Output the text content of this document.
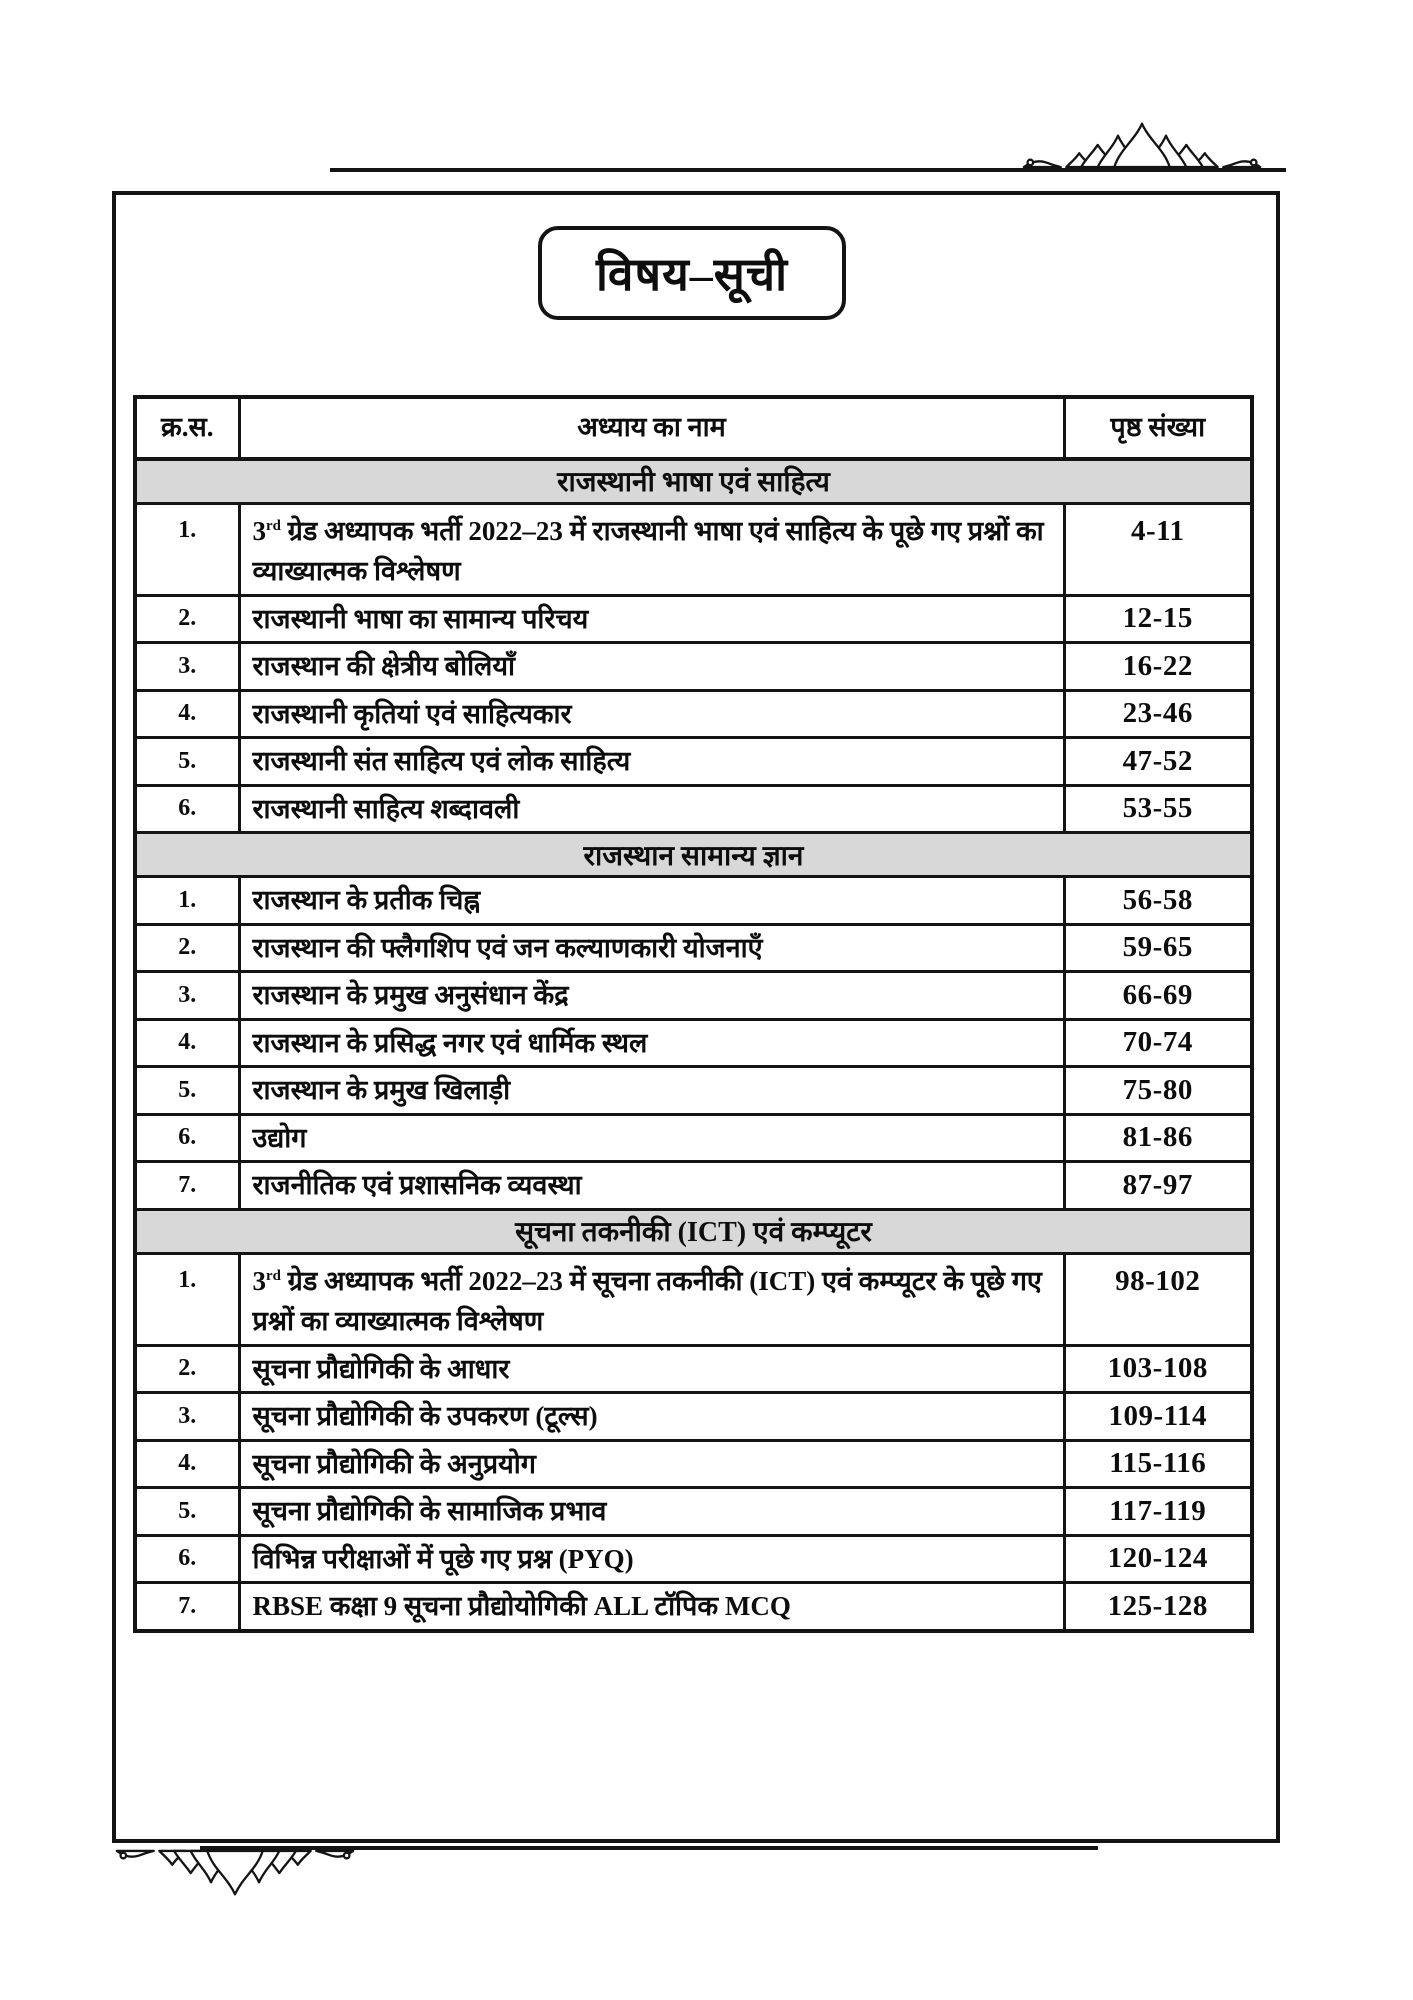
विषय–सूची
क्र.स.	अध्याय का नाम	पृष्ठ संख्या
राजस्थानी भाषा एवं साहित्य		
1.	3rd ग्रेड अध्यापक भर्ती 2022–23 में राजस्थानी भाषा एवं साहित्य के पूछे गए प्रश्नों का व्याख्यात्मक विश्लेषण	4-11
2.	राजस्थानी भाषा का सामान्य परिचय	12-15
3.	राजस्थान की क्षेत्रीय बोलियाँ	16-22
4.	राजस्थानी कृतियां एवं साहित्यकार	23-46
5.	राजस्थानी संत साहित्य एवं लोक साहित्य	47-52
6.	राजस्थानी साहित्य शब्दावली	53-55
राजस्थान सामान्य ज्ञान		
1.	राजस्थान के प्रतीक चिह्न	56-58
2.	राजस्थान की फ्लैगशिप एवं जन कल्याणकारी योजनाएँ	59-65
3.	राजस्थान के प्रमुख अनुसंधान केंद्र	66-69
4.	राजस्थान के प्रसिद्ध नगर एवं धार्मिक स्थल	70-74
5.	राजस्थान के प्रमुख खिलाड़ी	75-80
6.	उद्योग	81-86
7.	राजनीतिक एवं प्रशासनिक व्यवस्था	87-97
सूचना तकनीकी (ICT) एवं कम्प्यूटर		
1.	3rd ग्रेड अध्यापक भर्ती 2022–23 में सूचना तकनीकी (ICT) एवं कम्प्यूटर के पूछे गए प्रश्नों का व्याख्यात्मक विश्लेषण	98-102
2.	सूचना प्रौद्योगिकी के आधार	103-108
3.	सूचना प्रौद्योगिकी के उपकरण (टूल्स)	109-114
4.	सूचना प्रौद्योगिकी के अनुप्रयोग	115-116
5.	सूचना प्रौद्योगिकी के सामाजिक प्रभाव	117-119
6.	विभिन्न परीक्षाओं में पूछे गए प्रश्न (PYQ)	120-124
7.	RBSE कक्षा 9 सूचना प्रौद्योयोगिकी ALL टॉपिक MCQ	125-128
